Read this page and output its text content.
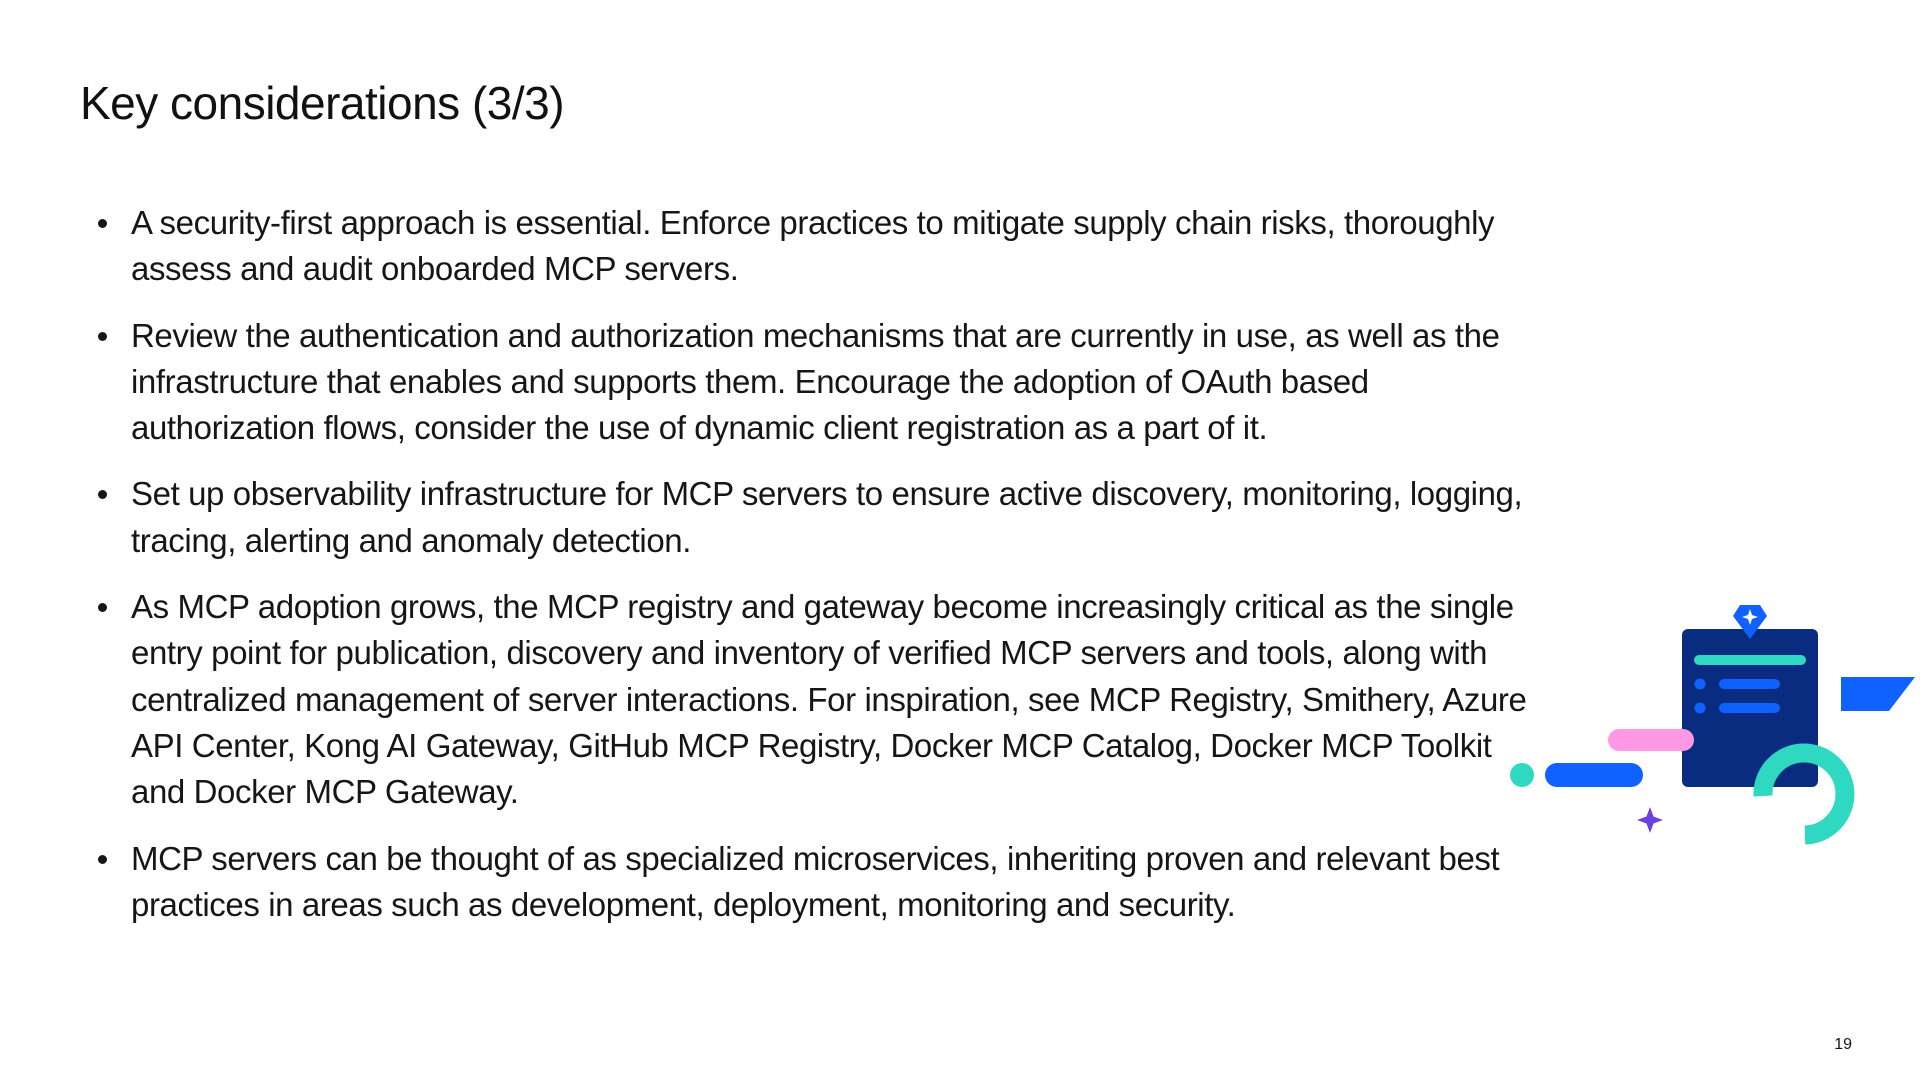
Key considerations (3/3)
A security-first approach is essential. Enforce practices to mitigate supply chain risks, thoroughly assess and audit onboarded MCP servers.
Review the authentication and authorization mechanisms that are currently in use, as well as the infrastructure that enables and supports them. Encourage the adoption of OAuth based authorization flows, consider the use of dynamic client registration as a part of it.
Set up observability infrastructure for MCP servers to ensure active discovery, monitoring, logging, tracing, alerting and anomaly detection.
As MCP adoption grows, the MCP registry and gateway become increasingly critical as the single entry point for publication, discovery and inventory of verified MCP servers and tools, along with centralized management of server interactions. For inspiration, see MCP Registry, Smithery, Azure API Center, Kong AI Gateway, GitHub MCP Registry, Docker MCP Catalog, Docker MCP Toolkit and Docker MCP Gateway.
MCP servers can be thought of as specialized microservices, inheriting proven and relevant best practices in areas such as development, deployment, monitoring and security.
19
